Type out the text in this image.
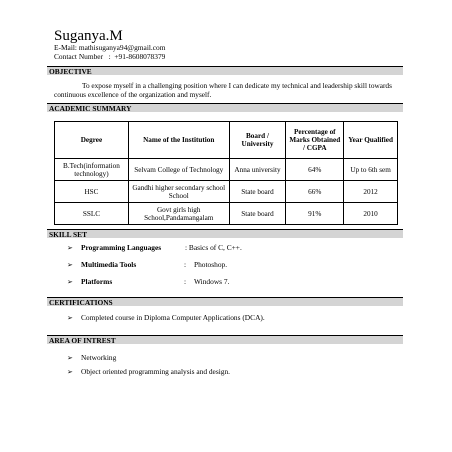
Suganya.M
E-Mail: mathisuganya94@gmail.com
Contact Number   :  +91-8608078379
OBJECTIVE
To expose myself in a challenging position where I can dedicate my technical and leadership skill towards continuous excellence of the organization and myself.
ACADEMIC SUMMARY
Degree	Name of the Institution	Board / University	Percentage of Marks Obtained / CGPA	Year Qualified
B.Tech(information technology)	Selvam College of Technology	Anna university	64%	Up to 6th sem
HSC	Gandhi higher secondary school School	State board	66%	2012
SSLC	Govt girls high School,Pandamangalam	State board	91%	2010
SKILL SET
➢ Programming Languages	: Basics of C, C++.
➢ Multimedia Tools	: Photoshop.
➢ Platforms	: Windows 7.
CERTIFICATIONS
➢ Completed course in Diploma Computer Applications (DCA).
AREA OF INTREST
➢ Networking
➢ Object oriented programming analysis and design.
